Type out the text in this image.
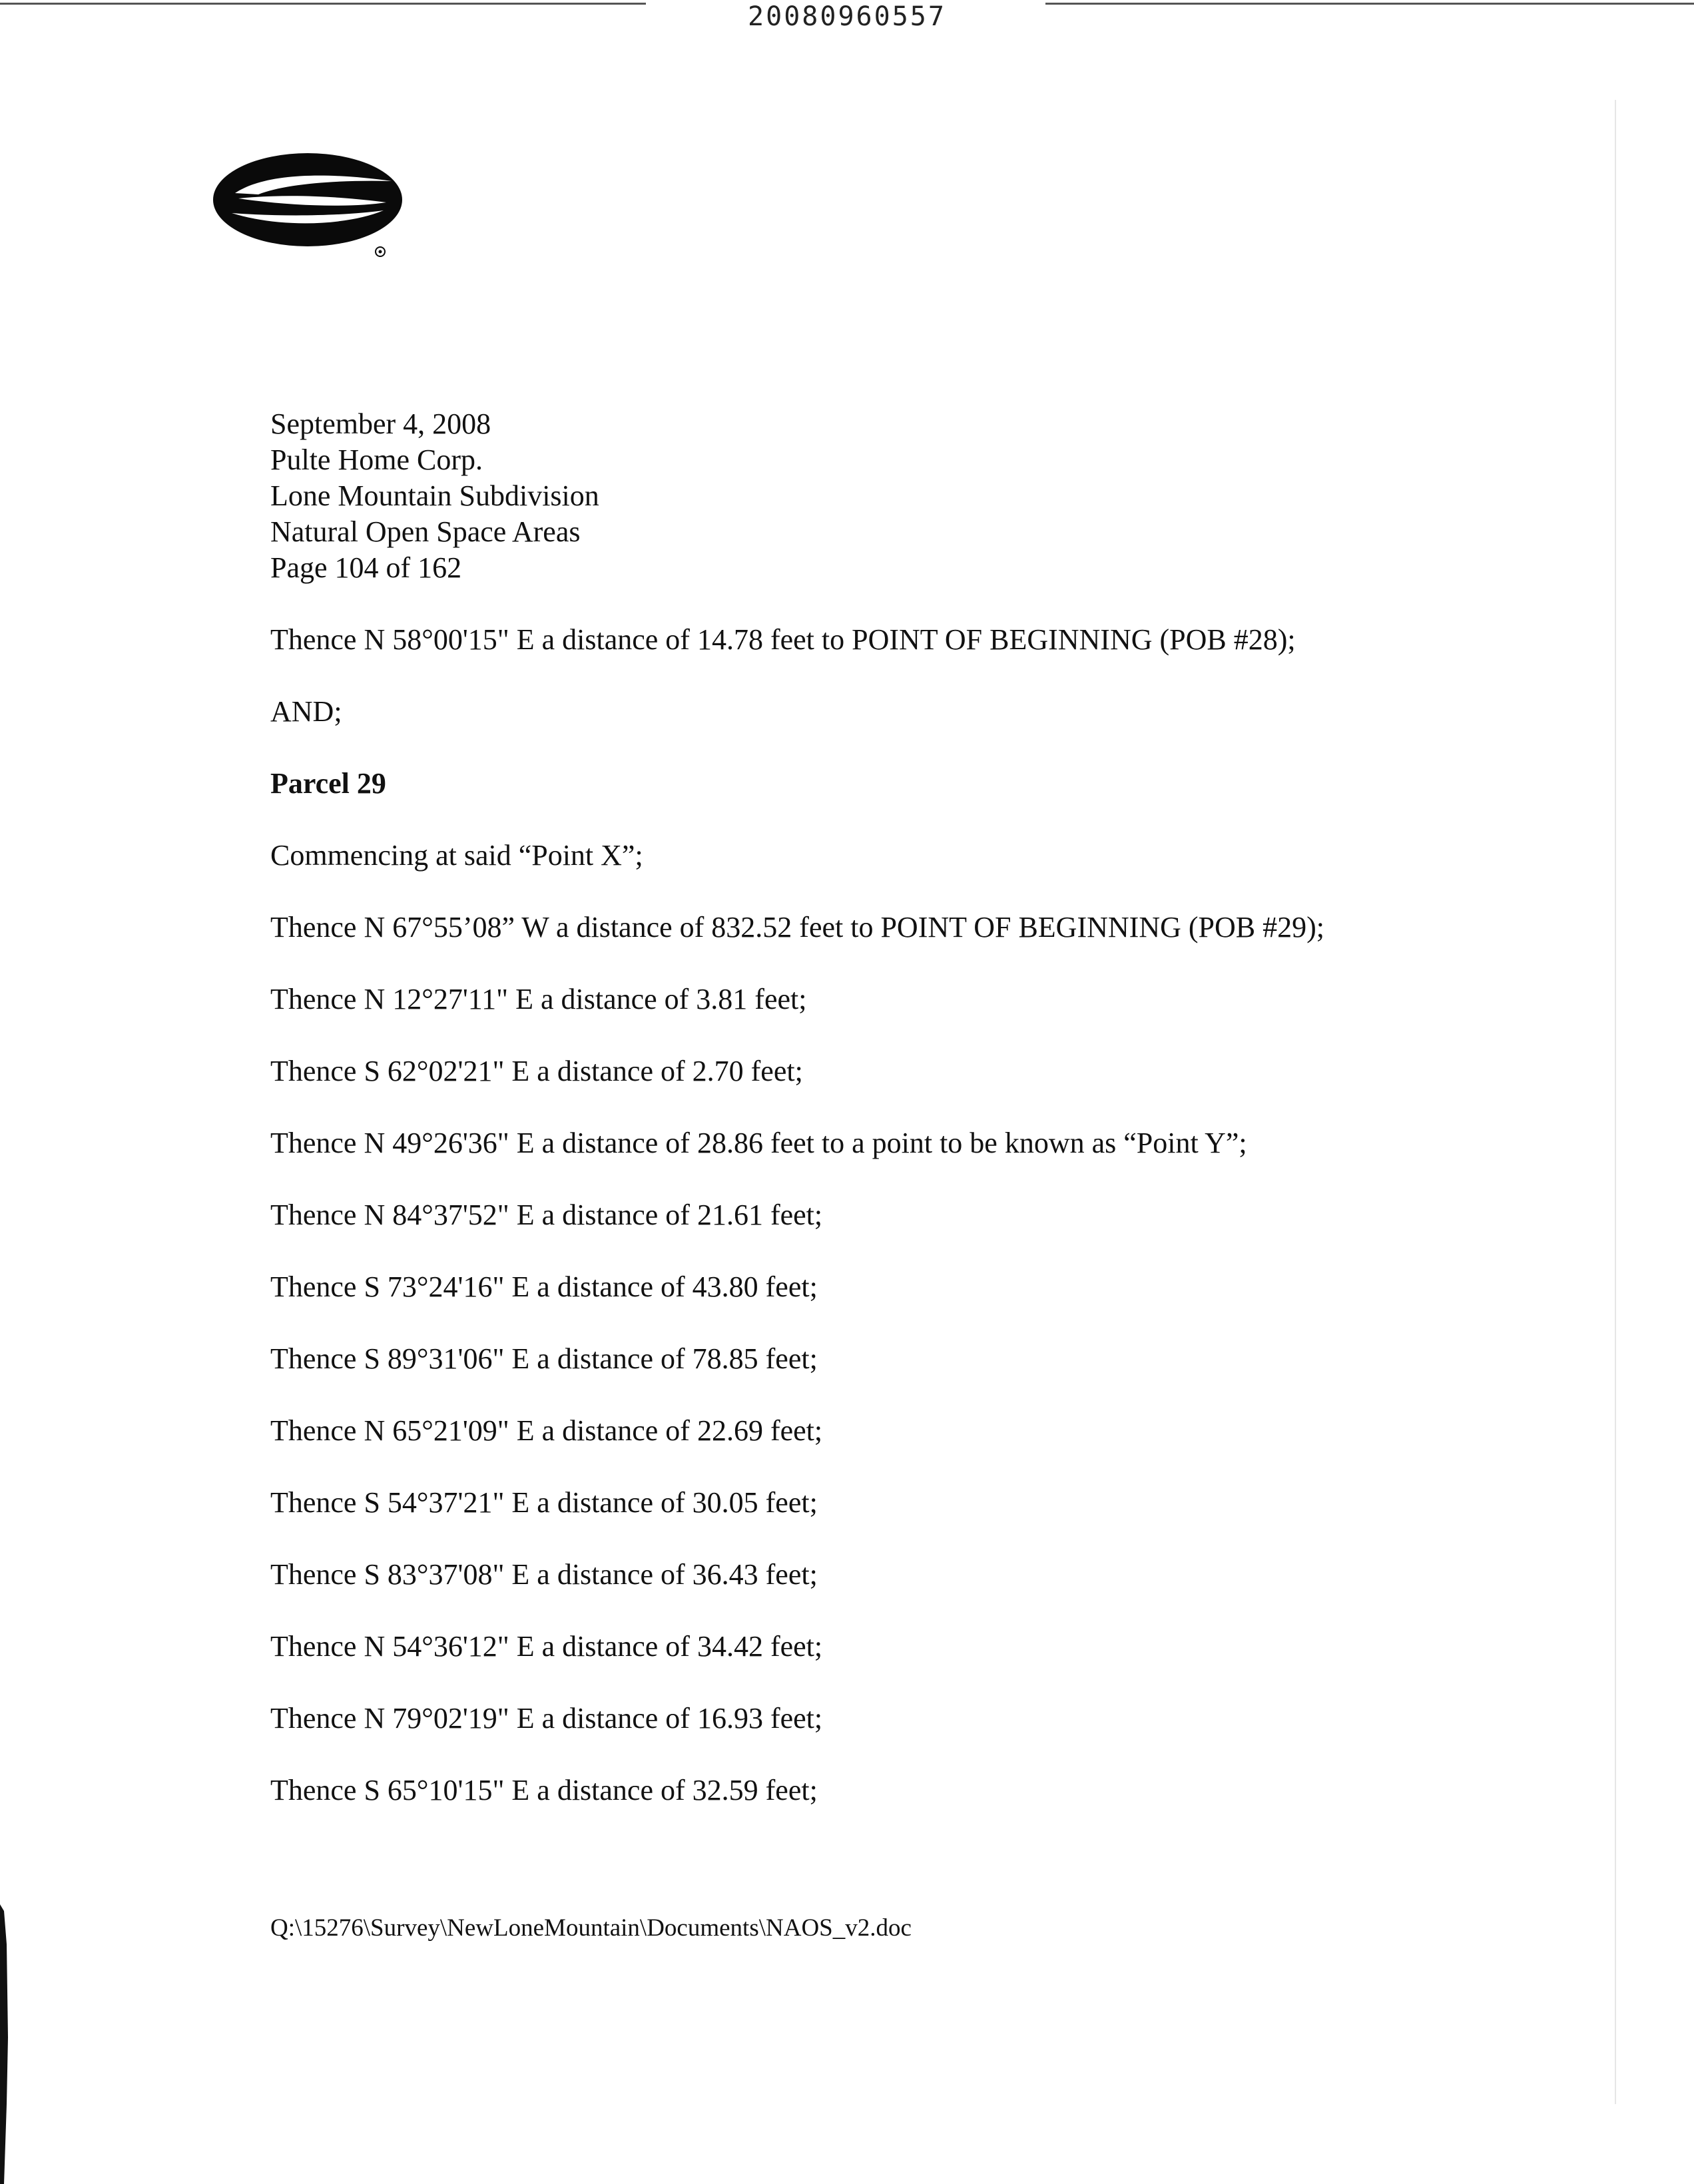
20080960557

September 4, 2008

Pulte Home Corp.

Lone Mountain Subdivision

Natural Open Space Areas

Page 104 of 162

Thence N 58°00'15" E a distance of 14.78 feet to POINT OF BEGINNING (POB #28);

AND;

Parcel 29

Commencing at said “Point X”;

Thence N 67°55’08” W a distance of 832.52 feet to POINT OF BEGINNING (POB #29);

Thence N 12°27'11" E a distance of 3.81 feet;

Thence S 62°02'21" E a distance of 2.70 feet;

Thence N 49°26'36" E a distance of 28.86 feet to a point to be known as “Point Y”;

Thence N 84°37'52" E a distance of 21.61 feet;

Thence S 73°24'16" E a distance of 43.80 feet;

Thence S 89°31'06" E a distance of 78.85 feet;

Thence N 65°21'09" E a distance of 22.69 feet;

Thence S 54°37'21" E a distance of 30.05 feet;

Thence S 83°37'08" E a distance of 36.43 feet;

Thence N 54°36'12" E a distance of 34.42 feet;

Thence N 79°02'19" E a distance of 16.93 feet;

Thence S 65°10'15" E a distance of 32.59 feet;

Q:\15276\Survey\NewLoneMountain\Documents\NAOS_v2.doc
